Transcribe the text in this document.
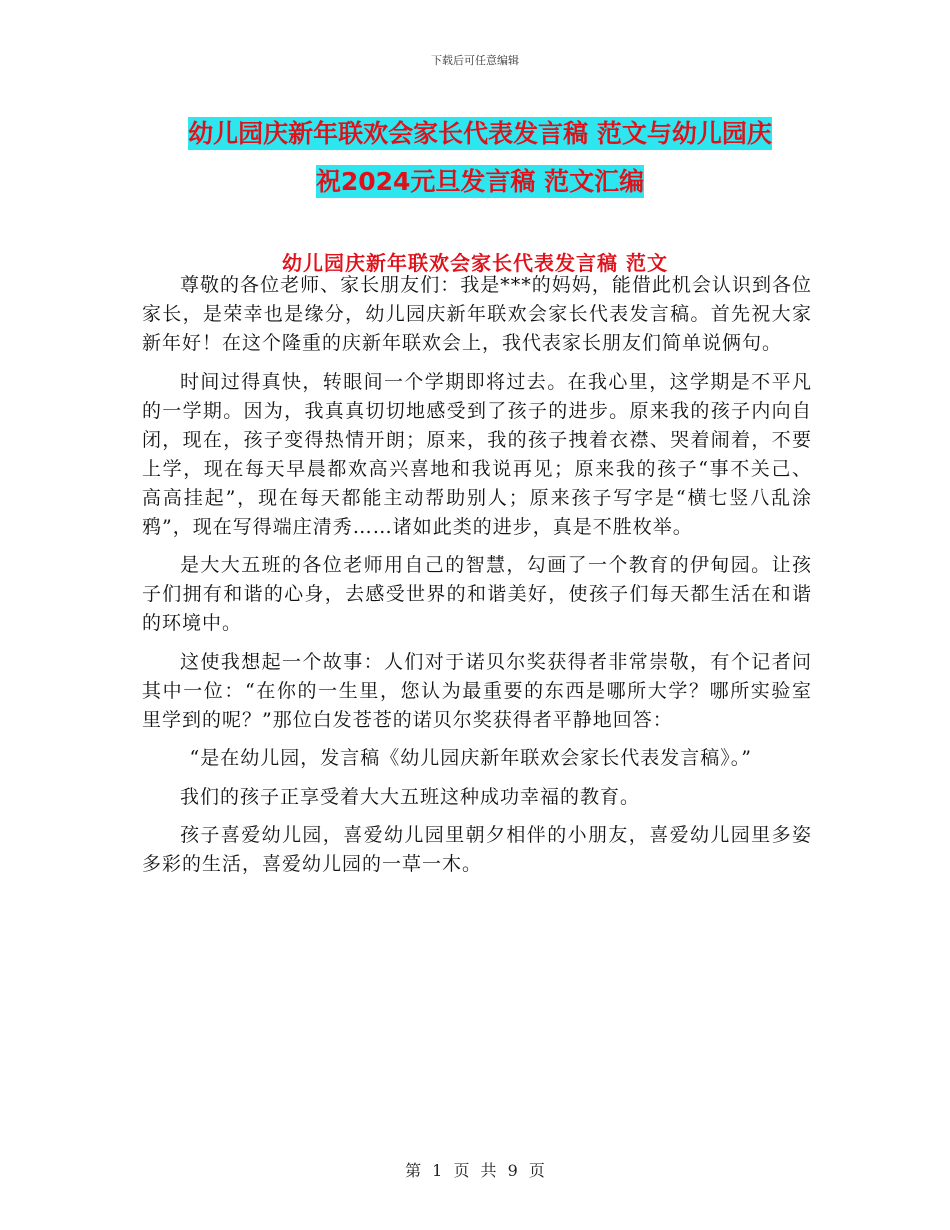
下载后可任意编辑
幼儿园庆新年联欢会家长代表发言稿 范文与幼儿园庆
祝2024元旦发言稿 范文汇编
幼儿园庆新年联欢会家长代表发言稿 范文

尊敬的各位老师、家长朋友们：我是***的妈妈，能借此机会认识到各位家长，是荣幸也是缘分，幼儿园庆新年联欢会家长代表发言稿。首先祝大家新年好！在这个隆重的庆新年联欢会上，我代表家长朋友们简单说俩句。

时间过得真快，转眼间一个学期即将过去。在我心里，这学期是不平凡的一学期。因为，我真真切切地感受到了孩子的进步。原来我的孩子内向自闭，现在，孩子变得热情开朗；原来，我的孩子拽着衣襟、哭着闹着，不要上学，现在每天早晨都欢高兴喜地和我说再见；原来我的孩子“事不关己、高高挂起”，现在每天都能主动帮助别人；原来孩子写字是“横七竖八乱涂鸦”，现在写得端庄清秀……诸如此类的进步，真是不胜枚举。

是大大五班的各位老师用自己的智慧，勾画了一个教育的伊甸园。让孩子们拥有和谐的心身，去感受世界的和谐美好，使孩子们每天都生活在和谐的环境中。

这使我想起一个故事：人们对于诺贝尔奖获得者非常崇敬，有个记者问其中一位：“在你的一生里，您认为最重要的东西是哪所大学？哪所实验室里学到的呢？”那位白发苍苍的诺贝尔奖获得者平静地回答：

“是在幼儿园，发言稿《幼儿园庆新年联欢会家长代表发言稿》。”

我们的孩子正享受着大大五班这种成功幸福的教育。

孩子喜爱幼儿园，喜爱幼儿园里朝夕相伴的小朋友，喜爱幼儿园里多姿多彩的生活，喜爱幼儿园的一草一木。

第 1 页 共 9 页
